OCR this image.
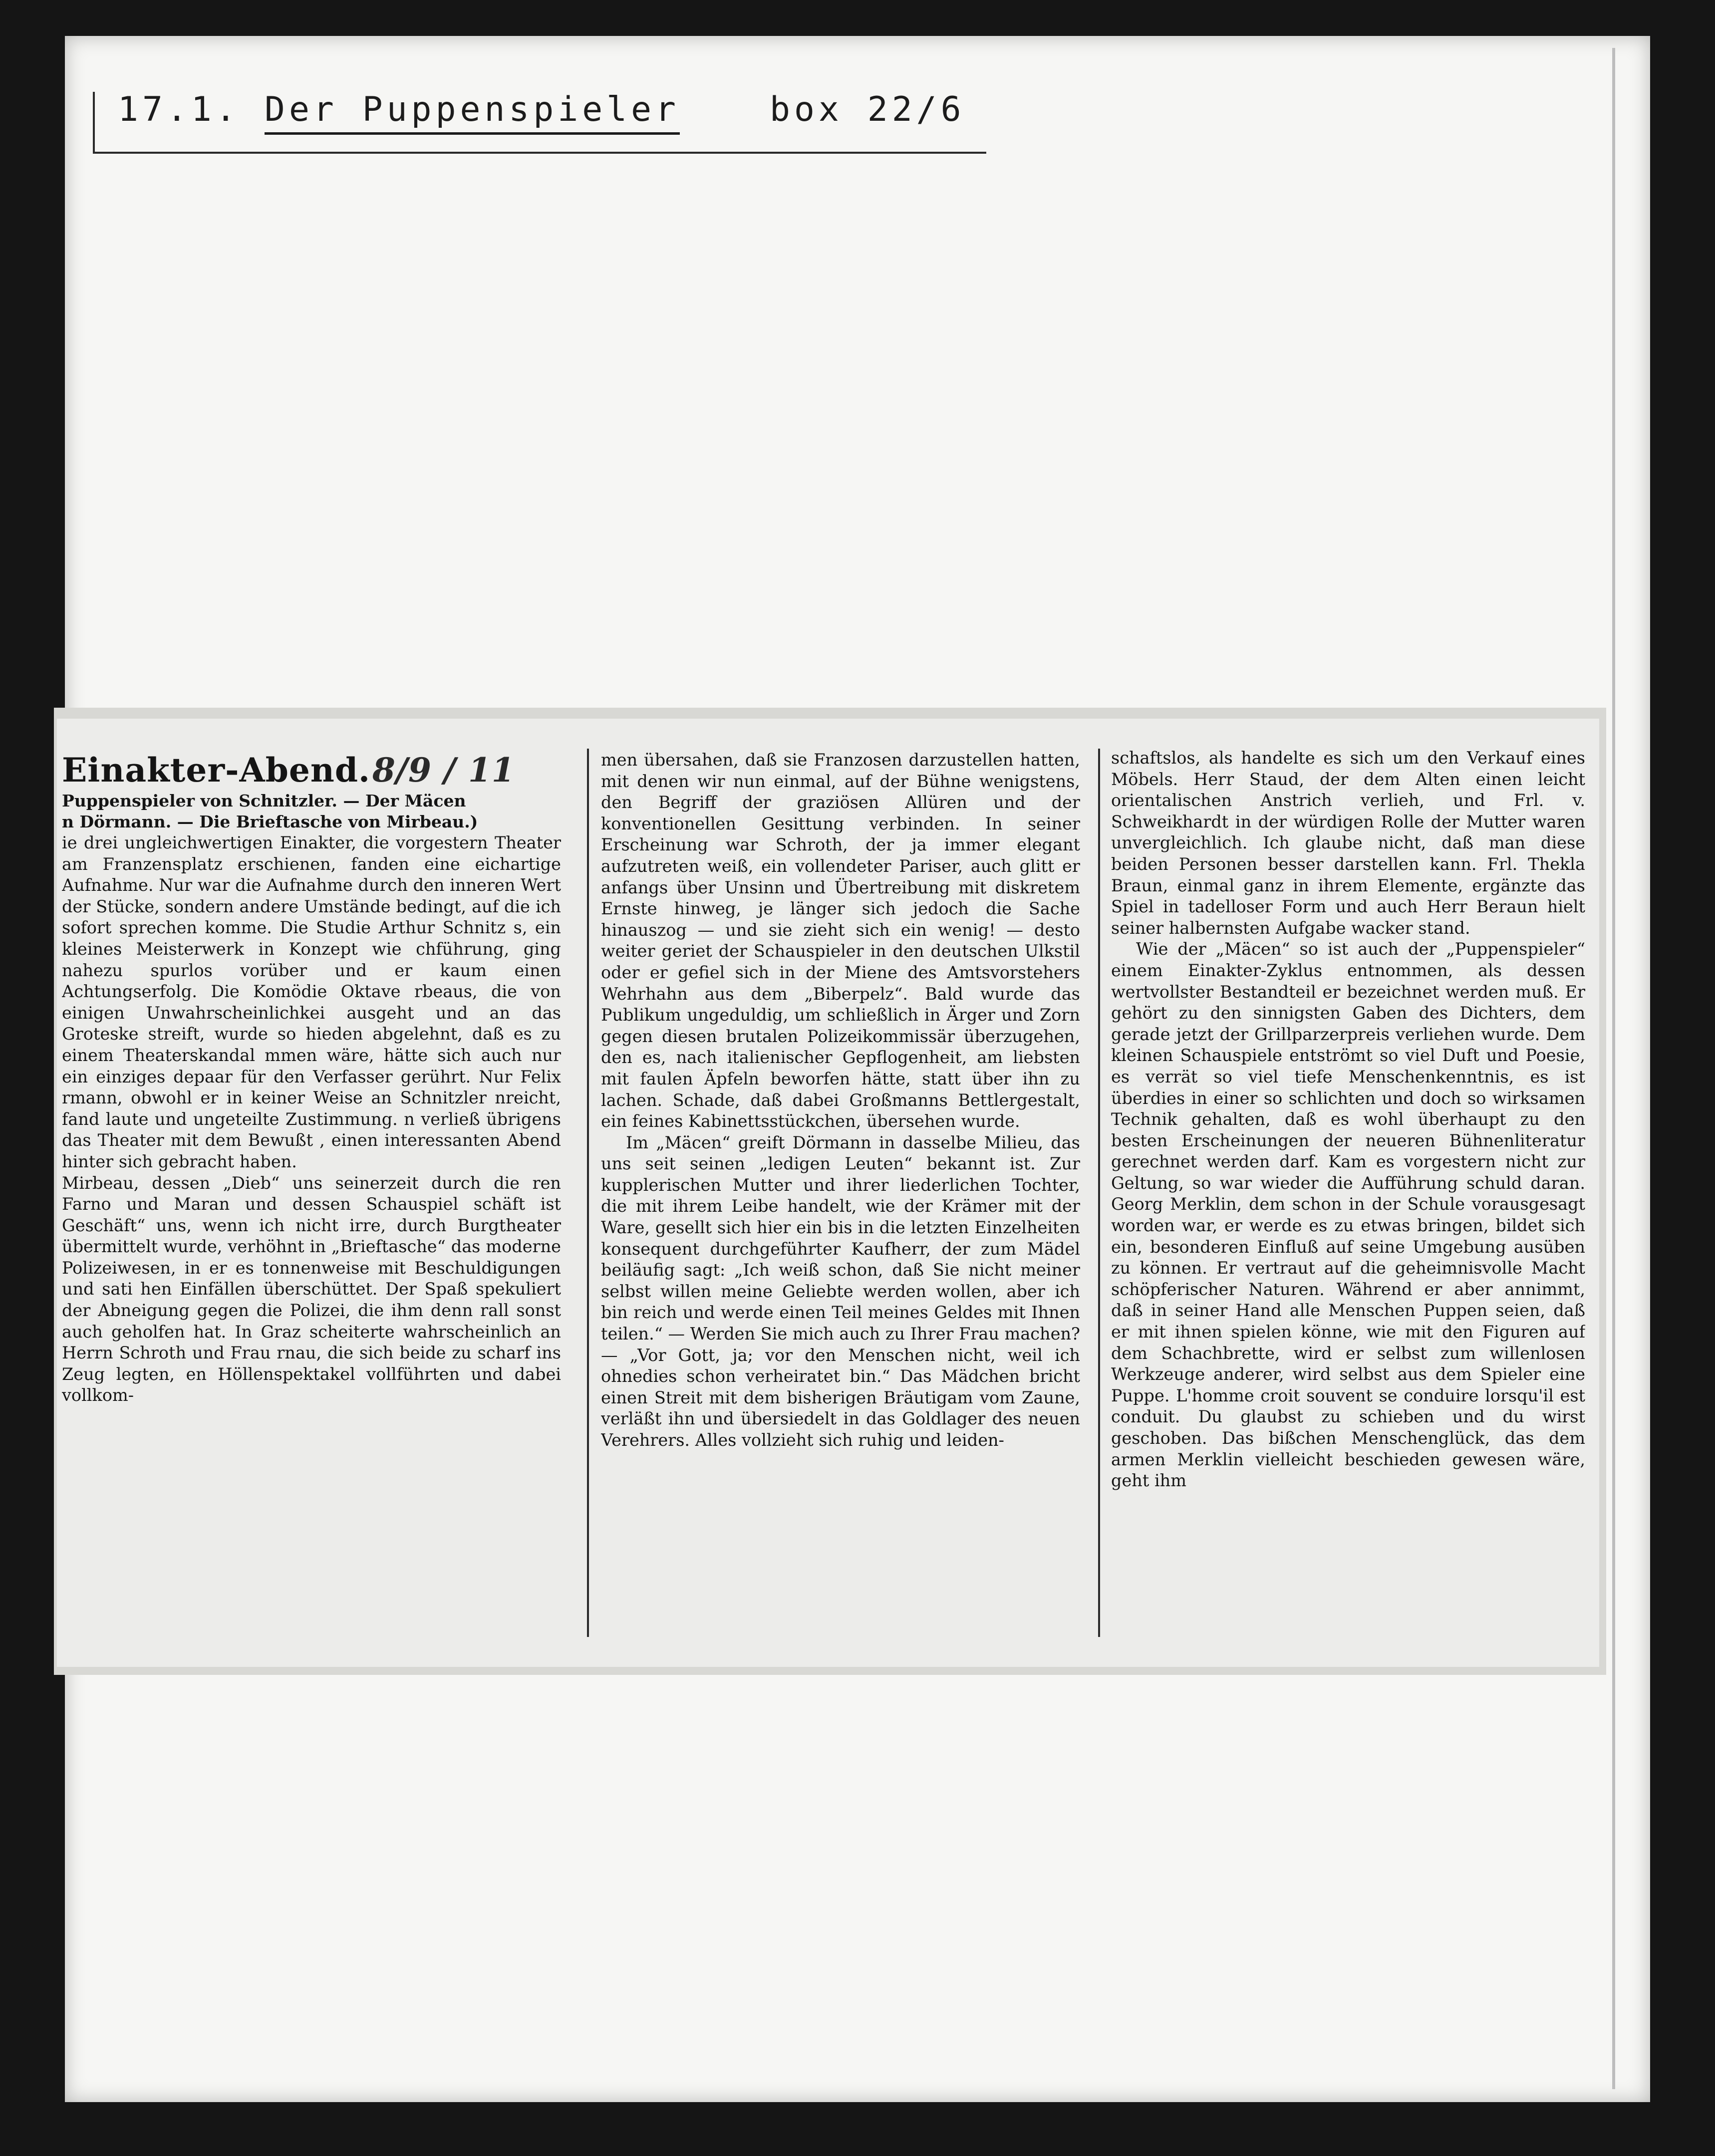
17.1. Der Puppenspieler	box 22/6

Einakter-Abend.8/9 / 11

Puppenspieler von Schnitzler. — Der Mäcen

n Dörmann. — Die Brieftasche von Mirbeau.)

ie drei ungleichwertigen Einakter, die vorgestern Theater am Franzensplatz erschienen, fanden eine eichartige Aufnahme. Nur war die Aufnahme durch den inneren Wert der Stücke, sondern andere Umstände bedingt, auf die ich sofort sprechen komme. Die Studie Arthur Schnitz s, ein kleines Meisterwerk in Konzept wie chführung, ging nahezu spurlos vorüber und er kaum einen Achtungserfolg. Die Komödie Oktave rbeaus, die von einigen Unwahrscheinlichkei ausgeht und an das Groteske streift, wurde so hieden abgelehnt, daß es zu einem Theaterskandal mmen wäre, hätte sich auch nur ein einziges depaar für den Verfasser gerührt. Nur Felix rmann, obwohl er in keiner Weise an Schnitzler nreicht, fand laute und ungeteilte Zustimmung. n verließ übrigens das Theater mit dem Bewußt , einen interessanten Abend hinter sich gebracht haben.

Mirbeau, dessen „Dieb“ uns seinerzeit durch die ren Farno und Maran und dessen Schauspiel schäft ist Geschäft“ uns, wenn ich nicht irre, durch Burgtheater übermittelt wurde, verhöhnt in „Brieftasche“ das moderne Polizeiwesen, in er es tonnenweise mit Beschuldigungen und sati hen Einfällen überschüttet. Der Spaß spekuliert der Abneigung gegen die Polizei, die ihm denn rall sonst auch geholfen hat. In Graz scheiterte wahrscheinlich an Herrn Schroth und Frau rnau, die sich beide zu scharf ins Zeug legten, en Höllenspektakel vollführten und dabei vollkom-

men übersahen, daß sie Franzosen darzustellen hatten, mit denen wir nun einmal, auf der Bühne wenigstens, den Begriff der graziösen Allüren und der konventionellen Gesittung verbinden. In seiner Erscheinung war Schroth, der ja immer elegant aufzutreten weiß, ein vollendeter Pariser, auch glitt er anfangs über Unsinn und Übertreibung mit diskretem Ernste hinweg, je länger sich jedoch die Sache hinauszog — und sie zieht sich ein wenig! — desto weiter geriet der Schauspieler in den deutschen Ulkstil oder er gefiel sich in der Miene des Amtsvorstehers Wehrhahn aus dem „Biberpelz“. Bald wurde das Publikum ungeduldig, um schließlich in Ärger und Zorn gegen diesen brutalen Polizeikommissär überzugehen, den es, nach italienischer Gepflogenheit, am liebsten mit faulen Äpfeln beworfen hätte, statt über ihn zu lachen. Schade, daß dabei Großmanns Bettlergestalt, ein feines Kabinettsstückchen, übersehen wurde.

Im „Mäcen“ greift Dörmann in dasselbe Milieu, das uns seit seinen „ledigen Leuten“ bekannt ist. Zur kupplerischen Mutter und ihrer liederlichen Tochter, die mit ihrem Leibe handelt, wie der Krämer mit der Ware, gesellt sich hier ein bis in die letzten Einzelheiten konsequent durchgeführter Kaufherr, der zum Mädel beiläufig sagt: „Ich weiß schon, daß Sie nicht meiner selbst willen meine Geliebte werden wollen, aber ich bin reich und werde einen Teil meines Geldes mit Ihnen teilen.“ — Werden Sie mich auch zu Ihrer Frau machen? — „Vor Gott, ja; vor den Menschen nicht, weil ich ohnedies schon verheiratet bin.“ Das Mädchen bricht einen Streit mit dem bisherigen Bräutigam vom Zaune, verläßt ihn und übersiedelt in das Goldlager des neuen Verehrers. Alles vollzieht sich ruhig und leiden-

schaftslos, als handelte es sich um den Verkauf eines Möbels. Herr Staud, der dem Alten einen leicht orientalischen Anstrich verlieh, und Frl. v. Schweikhardt in der würdigen Rolle der Mutter waren unvergleichlich. Ich glaube nicht, daß man diese beiden Personen besser darstellen kann. Frl. Thekla Braun, einmal ganz in ihrem Elemente, ergänzte das Spiel in tadelloser Form und auch Herr Beraun hielt seiner halbernsten Aufgabe wacker stand.

Wie der „Mäcen“ so ist auch der „Puppenspieler“ einem Einakter-Zyklus entnommen, als dessen wertvollster Bestandteil er bezeichnet werden muß. Er gehört zu den sinnigsten Gaben des Dichters, dem gerade jetzt der Grillparzerpreis verliehen wurde. Dem kleinen Schauspiele entströmt so viel Duft und Poesie, es verrät so viel tiefe Menschenkenntnis, es ist überdies in einer so schlichten und doch so wirksamen Technik gehalten, daß es wohl überhaupt zu den besten Erscheinungen der neueren Bühnenliteratur gerechnet werden darf. Kam es vorgestern nicht zur Geltung, so war wieder die Aufführung schuld daran. Georg Merklin, dem schon in der Schule vorausgesagt worden war, er werde es zu etwas bringen, bildet sich ein, besonderen Einfluß auf seine Umgebung ausüben zu können. Er vertraut auf die geheimnisvolle Macht schöpferischer Naturen. Während er aber annimmt, daß in seiner Hand alle Menschen Puppen seien, daß er mit ihnen spielen könne, wie mit den Figuren auf dem Schachbrette, wird er selbst zum willenlosen Werkzeuge anderer, wird selbst aus dem Spieler eine Puppe. L'homme croit souvent se conduire lorsqu'il est conduit. Du glaubst zu schieben und du wirst geschoben. Das bißchen Menschenglück, das dem armen Merklin vielleicht beschieden gewesen wäre, geht ihm
